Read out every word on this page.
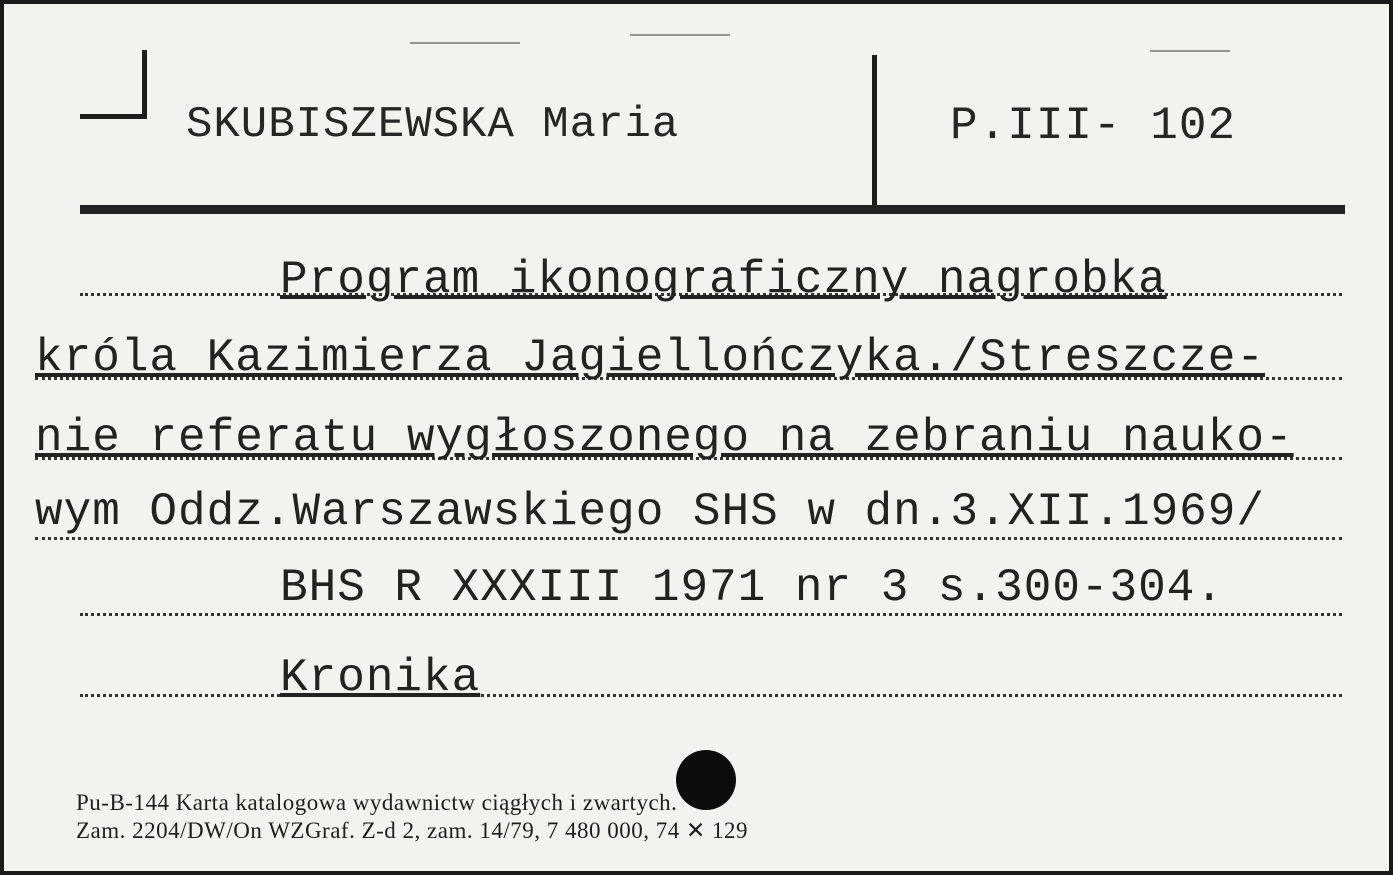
SKUBISZEWSKA Maria	P.III- 102
Program ikonograficzny nagrobka
króla Kazimierza Jagiellończyka./Streszcze-
nie referatu wygłoszonego na zebraniu nauko-
wym Oddz.Warszawskiego SHS w dn.3.XII.1969/
BHS R XXXIII 1971 nr 3 s.300-304.
Kronika
Pu-B-144 Karta katalogowa wydawnictw ciągłych i zwartych.
Zam. 2204/DW/On WZGraf. Z-d 2, zam. 14/79, 7 480 000, 74 ✕ 129
